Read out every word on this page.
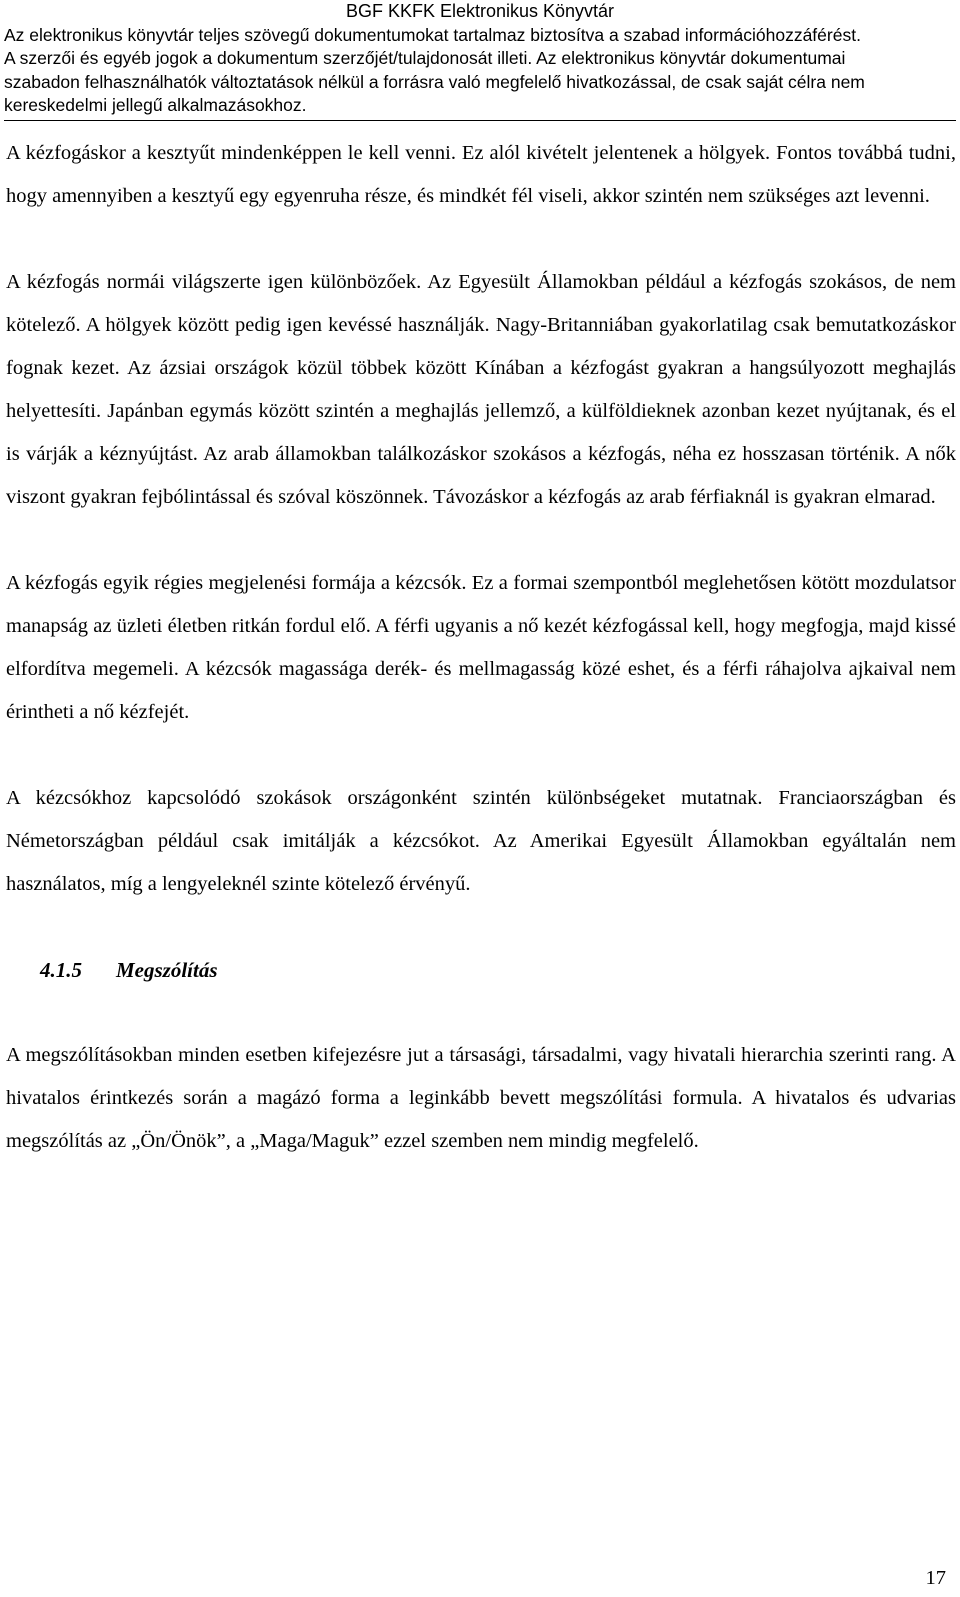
BGF KKFK Elektronikus Könyvtár
Az elektronikus könyvtár teljes szövegű dokumentumokat tartalmaz biztosítva a szabad információhozzáférést.
A szerzői és egyéb jogok a dokumentum szerzőjét/tulajdonosát illeti. Az elektronikus könyvtár dokumentumai
szabadon felhasználhatók változtatások nélkül a forrásra való megfelelő hivatkozással, de csak saját célra nem
kereskedelmi jellegű alkalmazásokhoz.

A kézfogáskor a kesztyűt mindenképpen le kell venni. Ez alól kivételt jelentenek a hölgyek. Fontos továbbá tudni, hogy amennyiben a kesztyű egy egyenruha része, és mindkét fél viseli, akkor szintén nem szükséges azt levenni.

A kézfogás normái világszerte igen különbözőek. Az Egyesült Államokban például a kézfogás szokásos, de nem kötelező. A hölgyek között pedig igen kevéssé használják. Nagy-Britanniában gyakorlatilag csak bemutatkozáskor fognak kezet. Az ázsiai országok közül többek között Kínában a kézfogást gyakran a hangsúlyozott meghajlás helyettesíti. Japánban egymás között szintén a meghajlás jellemző, a külföldieknek azonban kezet nyújtanak, és el is várják a kéznyújtást. Az arab államokban találkozáskor szokásos a kézfogás, néha ez hosszasan történik. A nők viszont gyakran fejbólintással és szóval köszönnek. Távozáskor a kézfogás az arab férfiaknál is gyakran elmarad.

A kézfogás egyik régies megjelenési formája a kézcsók. Ez a formai szempontból meglehetősen kötött mozdulatsor manapság az üzleti életben ritkán fordul elő. A férfi ugyanis a nő kezét kézfogással kell, hogy megfogja, majd kissé elfordítva megemeli. A kézcsók magassága derék- és mellmagasság közé eshet, és a férfi ráhajolva ajkaival nem érintheti a nő kézfejét.

A kézcsókhoz kapcsolódó szokások országonként szintén különbségeket mutatnak. Franciaországban és Németországban például csak imitálják a kézcsókot. Az Amerikai Egyesült Államokban egyáltalán nem használatos, míg a lengyeleknél szinte kötelező érvényű.

4.1.5 Megszólítás

A megszólításokban minden esetben kifejezésre jut a társasági, társadalmi, vagy hivatali hierarchia szerinti rang. A hivatalos érintkezés során a magázó forma a leginkább bevett megszólítási formula. A hivatalos és udvarias megszólítás az „Ön/Önök”, a „Maga/Maguk” ezzel szemben nem mindig megfelelő.

17
